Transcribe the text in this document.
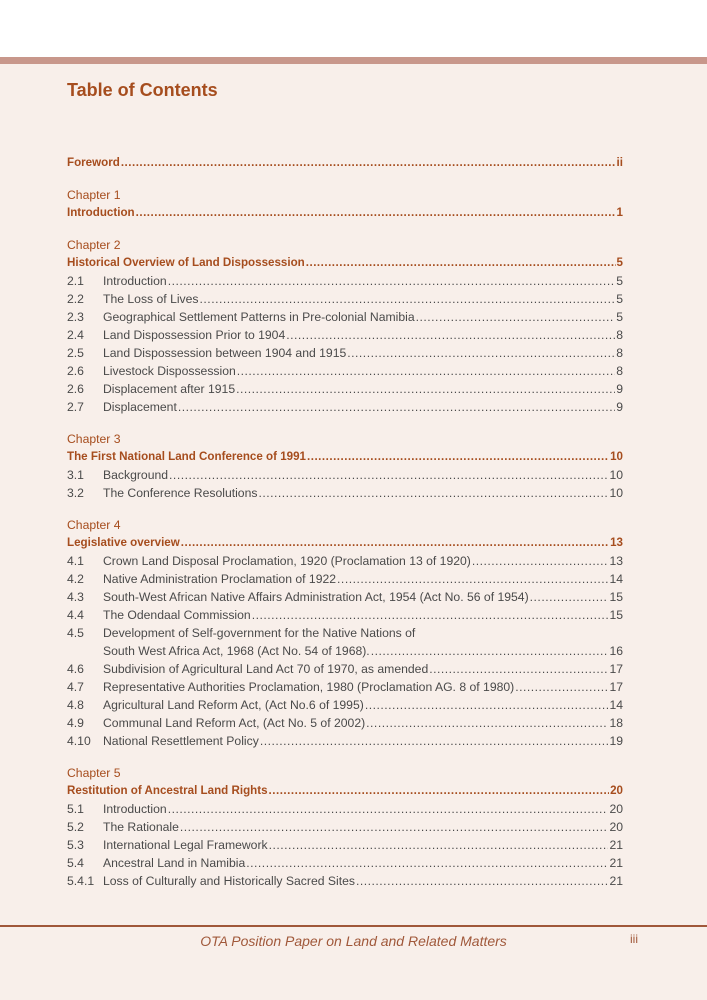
Table of Contents
Foreword .....	ii
Chapter 1
Introduction .....	1
Chapter 2
Historical Overview of Land Dispossession .....	5
2.1	Introduction .....	5
2.2	The Loss of Lives .....	5
2.3	Geographical Settlement Patterns in Pre-colonial Namibia .....	5
2.4	Land Dispossession Prior to 1904 .....	8
2.5	Land Dispossession between 1904 and 1915 .....	8
2.6	Livestock Dispossession .....	8
2.6	Displacement after 1915 .....	9
2.7	Displacement .....	9
Chapter 3
The First National Land Conference of 1991 .....	10
3.1	Background .....	10
3.2	The Conference Resolutions .....	10
Chapter 4
Legislative overview .....	13
4.1	Crown Land Disposal Proclamation, 1920 (Proclamation 13 of 1920) .....	13
4.2	Native Administration Proclamation of 1922 .....	14
4.3	South-West African Native Affairs Administration Act, 1954 (Act No. 56 of 1954) .....	15
4.4	The Odendaal Commission .....	15
4.5	Development of Self-government for the Native Nations of
South West Africa Act, 1968 (Act No. 54 of 1968). .....	16
4.6	Subdivision of Agricultural Land Act 70 of 1970, as amended .....	17
4.7	Representative Authorities Proclamation, 1980 (Proclamation AG. 8 of 1980) .....	17
4.8	Agricultural Land Reform Act, (Act No.6 of 1995) .....	14
4.9	Communal Land Reform Act, (Act No. 5 of 2002) .....	18
4.10	National Resettlement Policy .....	19
Chapter 5
Restitution of Ancestral Land Rights .....	20
5.1	Introduction .....	20
5.2	The Rationale .....	20
5.3	International Legal Framework .....	21
5.4	Ancestral Land in Namibia .....	21
5.4.1 Loss of Culturally and Historically Sacred Sites .....	21
OTA Position Paper on Land and Related Matters	iii
